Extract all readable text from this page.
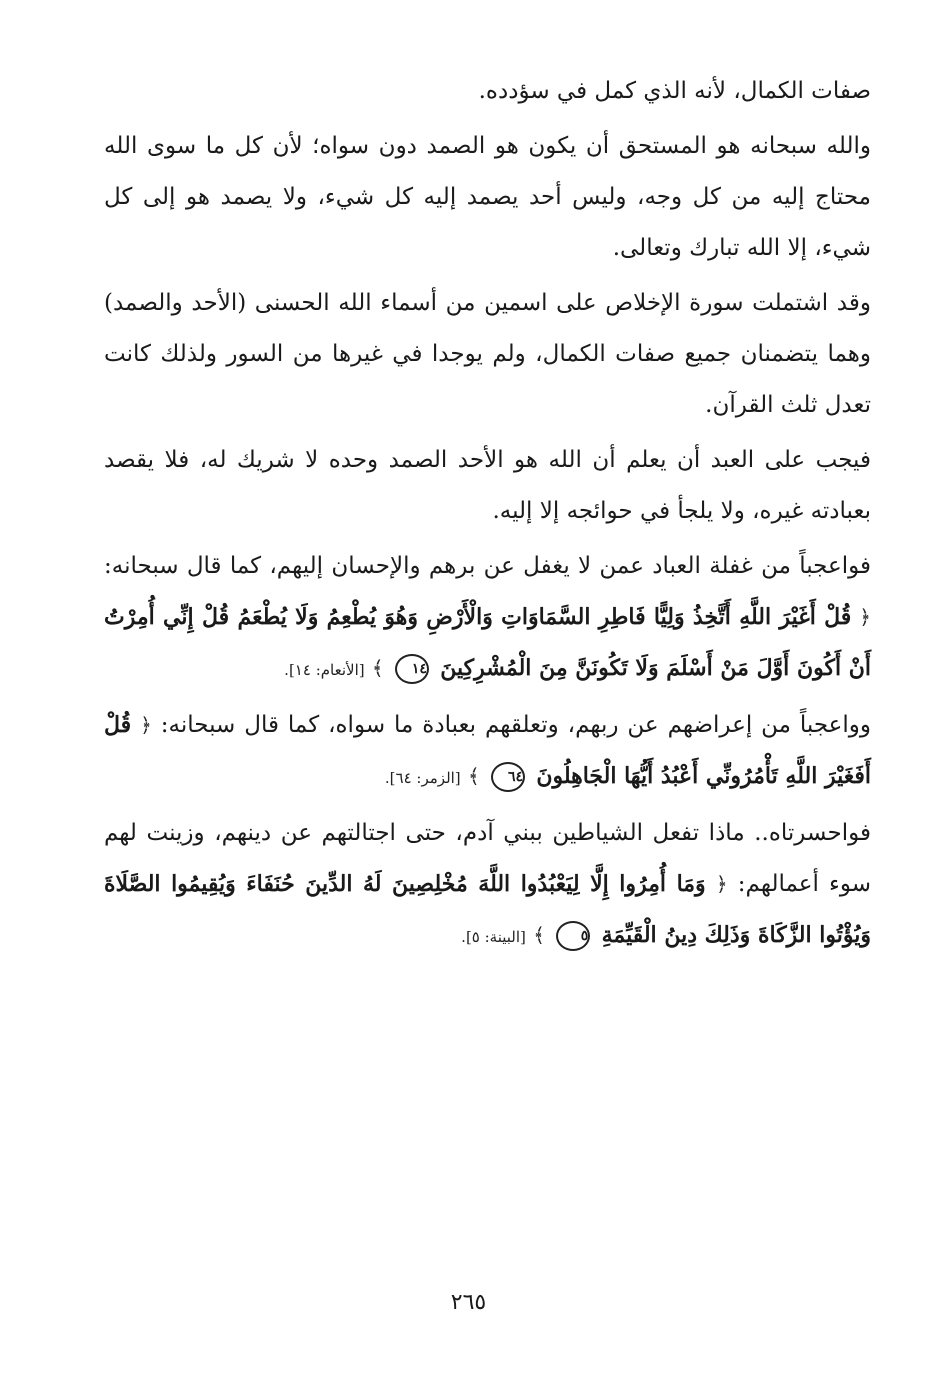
صفات الكمال، لأنه الذي كمل في سؤدده.

والله سبحانه هو المستحق أن يكون هو الصمد دون سواه؛ لأن كل ما سوى الله محتاج إليه من كل وجه، وليس أحد يصمد إليه كل شيء، ولا يصمد هو إلى كل شيء، إلا الله تبارك وتعالى.

وقد اشتملت سورة الإخلاص على اسمين من أسماء الله الحسنى (الأحد والصمد) وهما يتضمنان جميع صفات الكمال، ولم يوجدا في غيرها من السور ولذلك كانت تعدل ثلث القرآن.

فيجب على العبد أن يعلم أن الله هو الأحد الصمد وحده لا شريك له، فلا يقصد بعبادته غيره، ولا يلجأ في حوائجه إلا إليه.

فواعجباً من غفلة العباد عمن لا يغفل عن برهم والإحسان إليهم، كما قال سبحانه: ﴿ قُلْ أَغَيْرَ اللَّهِ أَتَّخِذُ وَلِيًّا فَاطِرِ السَّمَاوَاتِ وَالْأَرْضِ وَهُوَ يُطْعِمُ وَلَا يُطْعَمُ قُلْ إِنِّي أُمِرْتُ أَنْ أَكُونَ أَوَّلَ مَنْ أَسْلَمَ وَلَا تَكُونَنَّ مِنَ الْمُشْرِكِينَ ١٤ ﴾ [الأنعام: ١٤].

وواعجباً من إعراضهم عن ربهم، وتعلقهم بعبادة ما سواه، كما قال سبحانه: ﴿ قُلْ أَفَغَيْرَ اللَّهِ تَأْمُرُونِّي أَعْبُدُ أَيُّهَا الْجَاهِلُونَ ٦٤ ﴾ [الزمر: ٦٤].

فواحسرتاه.. ماذا تفعل الشياطين ببني آدم، حتى اجتالتهم عن دينهم، وزينت لهم سوء أعمالهم: ﴿ وَمَا أُمِرُوا إِلَّا لِيَعْبُدُوا اللَّهَ مُخْلِصِينَ لَهُ الدِّينَ حُنَفَاءَ وَيُقِيمُوا الصَّلَاةَ وَيُؤْتُوا الزَّكَاةَ وَذَلِكَ دِينُ الْقَيِّمَةِ ٥ ﴾ [البينة: ٥].

٢٦٥
